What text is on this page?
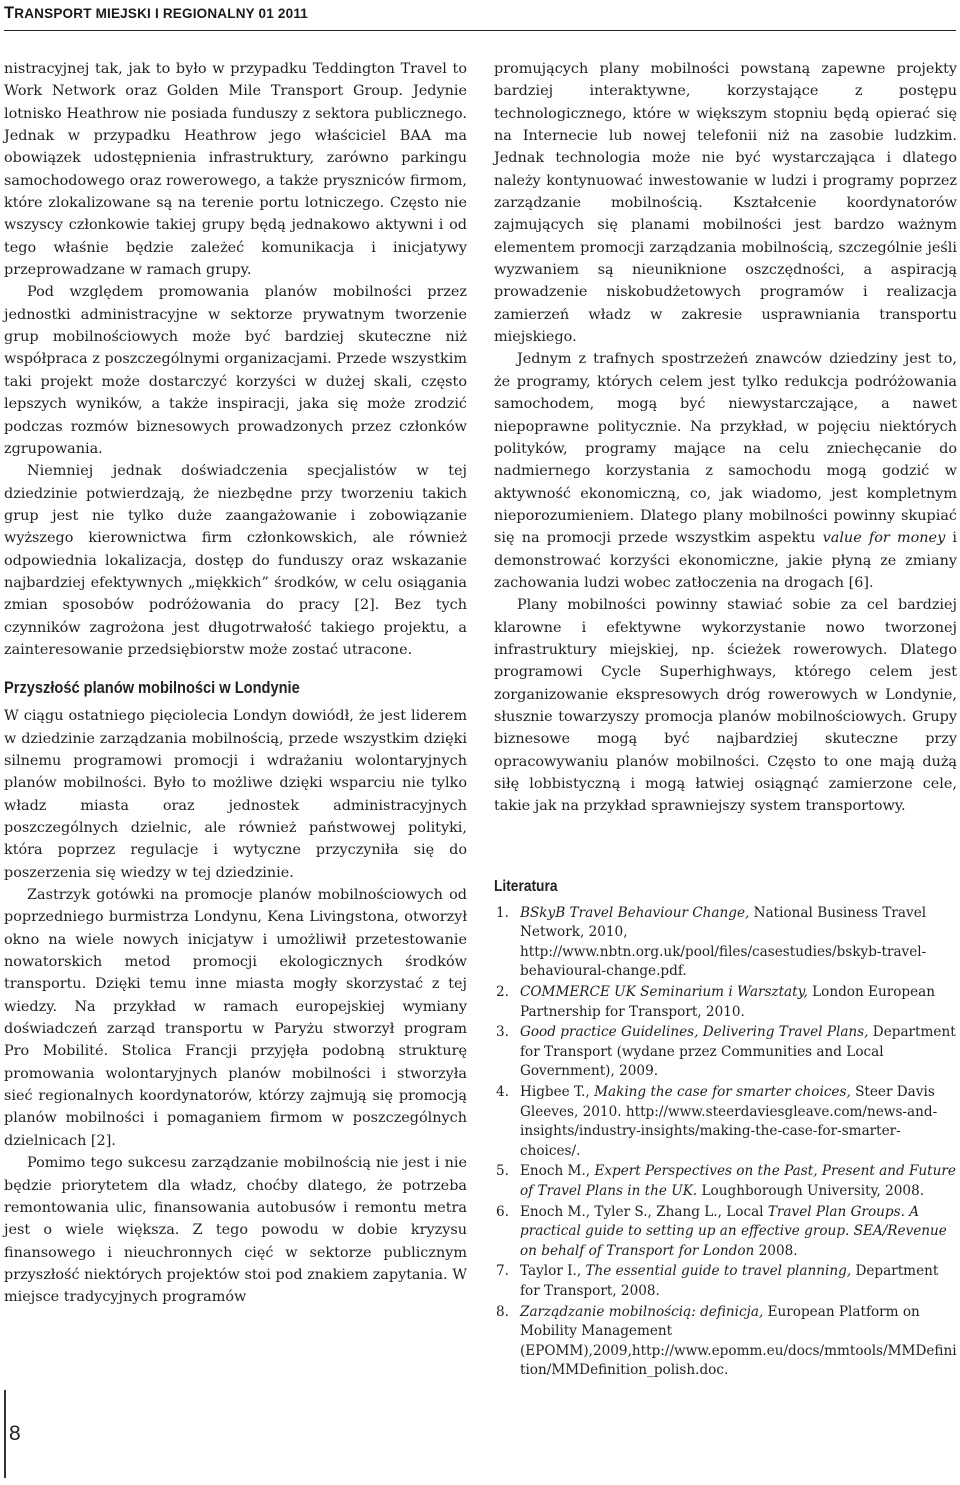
TRANSPORT MIEJSKI I REGIONALNY 01 2011

nistracyjnej tak, jak to było w przypadku Teddington Travel to Work Network oraz Golden Mile Transport Group. Jedynie lotnisko Heathrow nie posiada funduszy z sektora publicznego. Jednak w przypadku Heathrow jego właściciel BAA ma obowiązek udostępnienia infrastruktury, zarówno parkingu samochodowego oraz rowerowego, a także pryszniców firmom, które zlokalizowane są na terenie portu lotniczego. Często nie wszyscy członkowie takiej grupy będą jednakowo aktywni i od tego właśnie będzie zależeć komunikacja i inicjatywy przeprowadzane w ramach grupy.

Pod względem promowania planów mobilności przez jednostki administracyjne w sektorze prywatnym tworzenie grup mobilnościowych może być bardziej skuteczne niż współpraca z poszczególnymi organizacjami. Przede wszystkim taki projekt może dostarczyć korzyści w dużej skali, często lepszych wyników, a także inspiracji, jaka się może zrodzić podczas rozmów biznesowych prowadzonych przez członków zgrupowania.

Niemniej jednak doświadczenia specjalistów w tej dziedzinie potwierdzają, że niezbędne przy tworzeniu takich grup jest nie tylko duże zaangażowanie i zobowiązanie wyższego kierownictwa firm członkowskich, ale również odpowiednia lokalizacja, dostęp do funduszy oraz wskazanie najbardziej efektywnych „miękkich” środków, w celu osiągania zmian sposobów podróżowania do pracy [2]. Bez tych czynników zagrożona jest długotrwałość takiego projektu, a zainteresowanie przedsiębiorstw może zostać utracone.

Przyszłość planów mobilności w Londynie

W ciągu ostatniego pięciolecia Londyn dowiódł, że jest liderem w dziedzinie zarządzania mobilnością, przede wszystkim dzięki silnemu programowi promocji i wdrażaniu wolontaryjnych planów mobilności. Było to możliwe dzięki wsparciu nie tylko władz miasta oraz jednostek administracyjnych poszczególnych dzielnic, ale również państwowej polityki, która poprzez regulacje i wytyczne przyczyniła się do poszerzenia się wiedzy w tej dziedzinie.

Zastrzyk gotówki na promocje planów mobilnościowych od poprzedniego burmistrza Londynu, Kena Livingstona, otworzył okno na wiele nowych inicjatyw i umożliwił przetestowanie nowatorskich metod promocji ekologicznych środków transportu. Dzięki temu inne miasta mogły skorzystać z tej wiedzy. Na przykład w ramach europejskiej wymiany doświadczeń zarząd transportu w Paryżu stworzył program Pro Mobilité. Stolica Francji przyjęła podobną strukturę promowania wolontaryjnych planów mobilności i stworzyła sieć regionalnych koordynatorów, którzy zajmują się promocją planów mobilności i pomaganiem firmom w poszczególnych dzielnicach [2].

Pomimo tego sukcesu zarządzanie mobilnością nie jest i nie będzie priorytetem dla władz, choćby dlatego, że potrzeba remontowania ulic, finansowania autobusów i remontu metra jest o wiele większa. Z tego powodu w dobie kryzysu finansowego i nieuchronnych cięć w sektorze publicznym przyszłość niektórych projektów stoi pod znakiem zapytania. W miejsce tradycyjnych programów

promujących plany mobilności powstaną zapewne projekty bardziej interaktywne, korzystające z postępu technologicznego, które w większym stopniu będą opierać się na Internecie lub nowej telefonii niż na zasobie ludzkim. Jednak technologia może nie być wystarczająca i dlatego należy kontynuować inwestowanie w ludzi i programy poprzez zarządzanie mobilnością. Kształcenie koordynatorów zajmujących się planami mobilności jest bardzo ważnym elementem promocji zarządzania mobilnością, szczególnie jeśli wyzwaniem są nieuniknione oszczędności, a aspiracją prowadzenie niskobudżetowych programów i realizacja zamierzeń władz w zakresie usprawniania transportu miejskiego.

Jednym z trafnych spostrzeżeń znawców dziedziny jest to, że programy, których celem jest tylko redukcja podróżowania samochodem, mogą być niewystarczające, a nawet niepoprawne politycznie. Na przykład, w pojęciu niektórych polityków, programy mające na celu zniechęcanie do nadmiernego korzystania z samochodu mogą godzić w aktywność ekonomiczną, co, jak wiadomo, jest kompletnym nieporozumieniem. Dlatego plany mobilności powinny skupiać się na promocji przede wszystkim aspektu value for money i demonstrować korzyści ekonomiczne, jakie płyną ze zmiany zachowania ludzi wobec zatłoczenia na drogach [6].

Plany mobilności powinny stawiać sobie za cel bardziej klarowne i efektywne wykorzystanie nowo tworzonej infrastruktury miejskiej, np. ścieżek rowerowych. Dlatego programowi Cycle Superhighways, którego celem jest zorganizowanie ekspresowych dróg rowerowych w Londynie, słusznie towarzyszy promocja planów mobilnościowych. Grupy biznesowe mogą być najbardziej skuteczne przy opracowywaniu planów mobilności. Często to one mają dużą siłę lobbistyczną i mogą łatwiej osiągnąć zamierzone cele, takie jak na przykład sprawniejszy system transportowy.

Literatura
1. BSkyB Travel Behaviour Change, National Business Travel Network, 2010, http://www.nbtn.org.uk/pool/files/casestudies/bskyb-travel-behavioural-change.pdf.
2. COMMERCE UK Seminarium i Warsztaty, London European Partnership for Transport, 2010.
3. Good practice Guidelines, Delivering Travel Plans, Department for Transport (wydane przez Communities and Local Government), 2009.
4. Higbee T., Making the case for smarter choices, Steer Davis Gleeves, 2010. http://www.steerdaviesgleave.com/news-and-insights/industry-insights/making-the-case-for-smarter-choices/.
5. Enoch M., Expert Perspectives on the Past, Present and Future of Travel Plans in the UK. Loughborough University, 2008.
6. Enoch M., Tyler S., Zhang L., Local Travel Plan Groups. A practical guide to setting up an effective group. SEA/Revenue on behalf of Transport for London 2008.
7. Taylor I., The essential guide to travel planning, Department for Transport, 2008.
8. Zarządzanie mobilnością: definicja, European Platform on Mobility Management (EPOMM),2009,http://www.epomm.eu/docs/mmtools/MMDefinition/MMDefinition_polish.doc.
8
